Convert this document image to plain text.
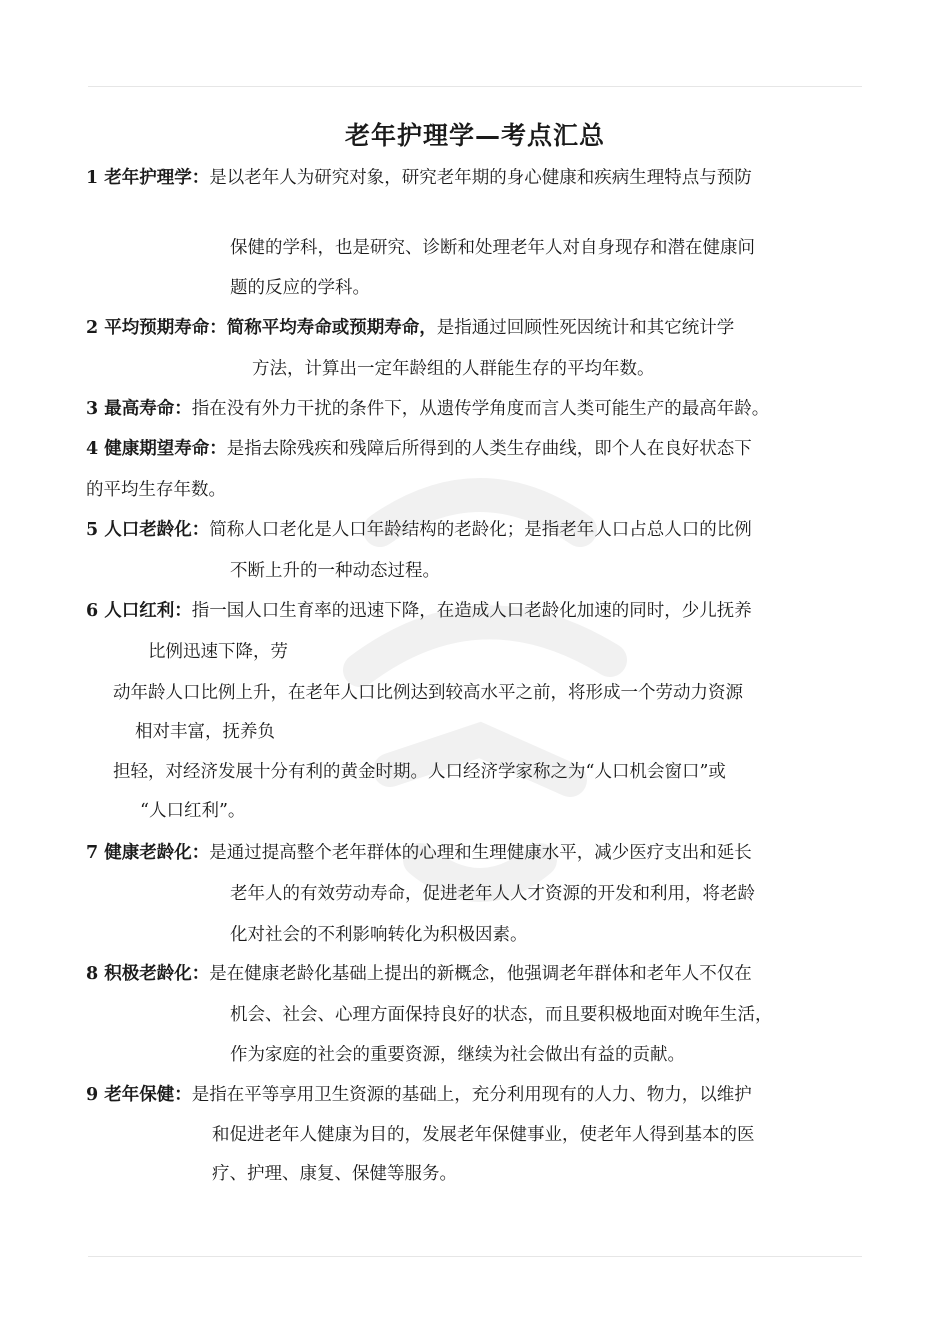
老年护理学—考点汇总
1 老年护理学：是以老年人为研究对象，研究老年期的身心健康和疾病生理特点与预防
保健的学科，也是研究、诊断和处理老年人对自身现存和潜在健康问
题的反应的学科。
2 平均预期寿命：简称平均寿命或预期寿命，是指通过回顾性死因统计和其它统计学
方法，计算出一定年龄组的人群能生存的平均年数。
3 最高寿命：指在没有外力干扰的条件下，从遗传学角度而言人类可能生产的最高年龄。
4 健康期望寿命：是指去除残疾和残障后所得到的人类生存曲线，即个人在良好状态下
的平均生存年数。
5 人口老龄化：简称人口老化是人口年龄结构的老龄化；是指老年人口占总人口的比例
不断上升的一种动态过程。
6 人口红利：指一国人口生育率的迅速下降，在造成人口老龄化加速的同时，少儿抚养
比例迅速下降，劳
动年龄人口比例上升，在老年人口比例达到较高水平之前，将形成一个劳动力资源
相对丰富，抚养负
担轻，对经济发展十分有利的黄金时期。人口经济学家称之为“人口机会窗口”或
“人口红利”。
7 健康老龄化：是通过提高整个老年群体的心理和生理健康水平，减少医疗支出和延长
老年人的有效劳动寿命，促进老年人人才资源的开发和利用，将老龄
化对社会的不利影响转化为积极因素。
8 积极老龄化：是在健康老龄化基础上提出的新概念，他强调老年群体和老年人不仅在
机会、社会、心理方面保持良好的状态，而且要积极地面对晚年生活，
作为家庭的社会的重要资源，继续为社会做出有益的贡献。
9 老年保健：是指在平等享用卫生资源的基础上，充分利用现有的人力、物力，以维护
和促进老年人健康为目的，发展老年保健事业，使老年人得到基本的医
疗、护理、康复、保健等服务。
